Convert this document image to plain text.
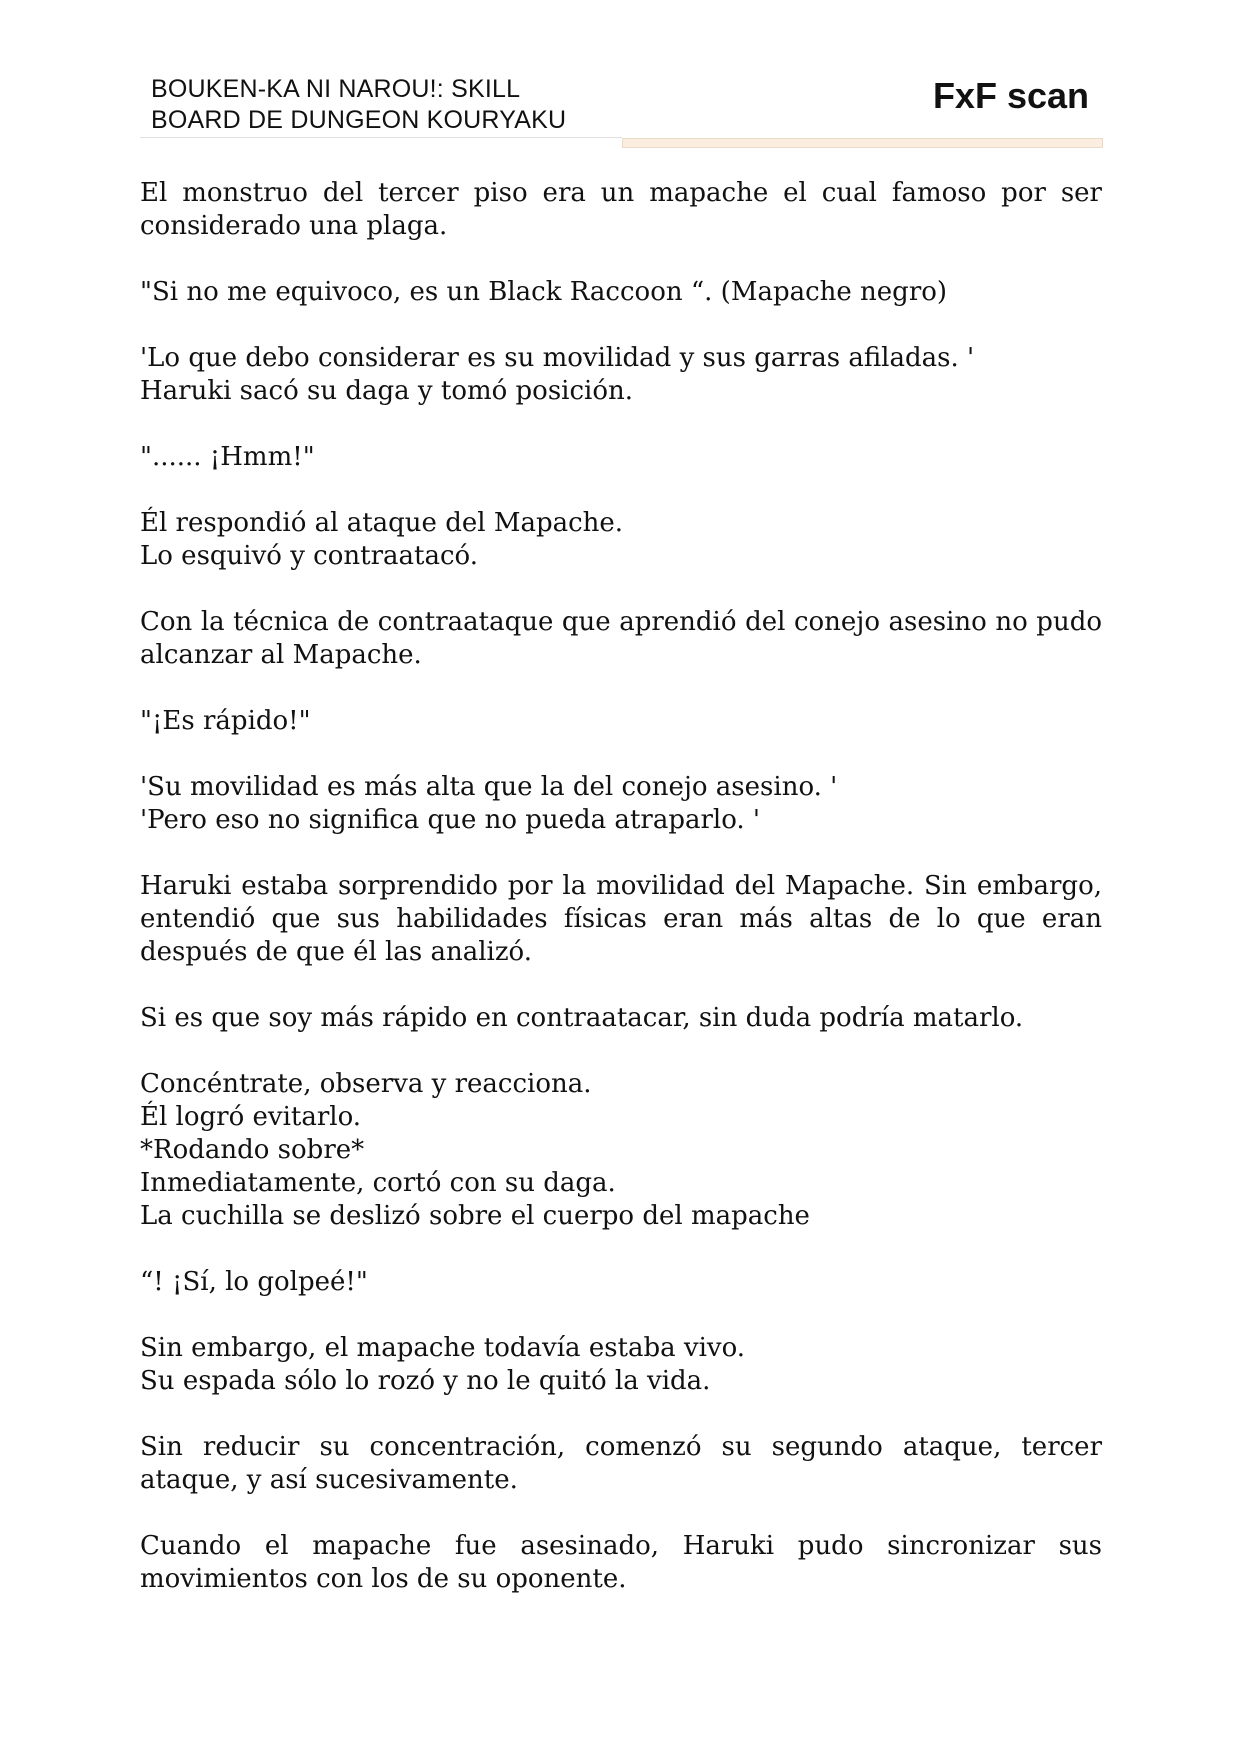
BOUKEN-KA NI NAROU!: SKILL
BOARD DE DUNGEON KOURYAKU
FxF scan

El monstruo del tercer piso era un mapache el cual famoso por ser considerado una plaga.

"Si no me equivoco, es un Black Raccoon “. (Mapache negro)

'Lo que debo considerar es su movilidad y sus garras afiladas. '
Haruki sacó su daga y tomó posición.

"...... ¡Hmm!"

Él respondió al ataque del Mapache.
Lo esquivó y contraatacó.

Con la técnica de contraataque que aprendió del conejo asesino no pudo alcanzar al Mapache.

"¡Es rápido!"

'Su movilidad es más alta que la del conejo asesino. '
'Pero eso no significa que no pueda atraparlo. '

Haruki estaba sorprendido por la movilidad del Mapache. Sin embargo, entendió que sus habilidades físicas eran más altas de lo que eran después de que él las analizó.

Si es que soy más rápido en contraatacar, sin duda podría matarlo.

Concéntrate, observa y reacciona.
Él logró evitarlo.
*Rodando sobre*
Inmediatamente, cortó con su daga.
La cuchilla se deslizó sobre el cuerpo del mapache

“! ¡Sí, lo golpeé!"

Sin embargo, el mapache todavía estaba vivo.
Su espada sólo lo rozó y no le quitó la vida.

Sin reducir su concentración, comenzó su segundo ataque, tercer ataque, y así sucesivamente.

Cuando el mapache fue asesinado, Haruki pudo sincronizar sus movimientos con los de su oponente.
